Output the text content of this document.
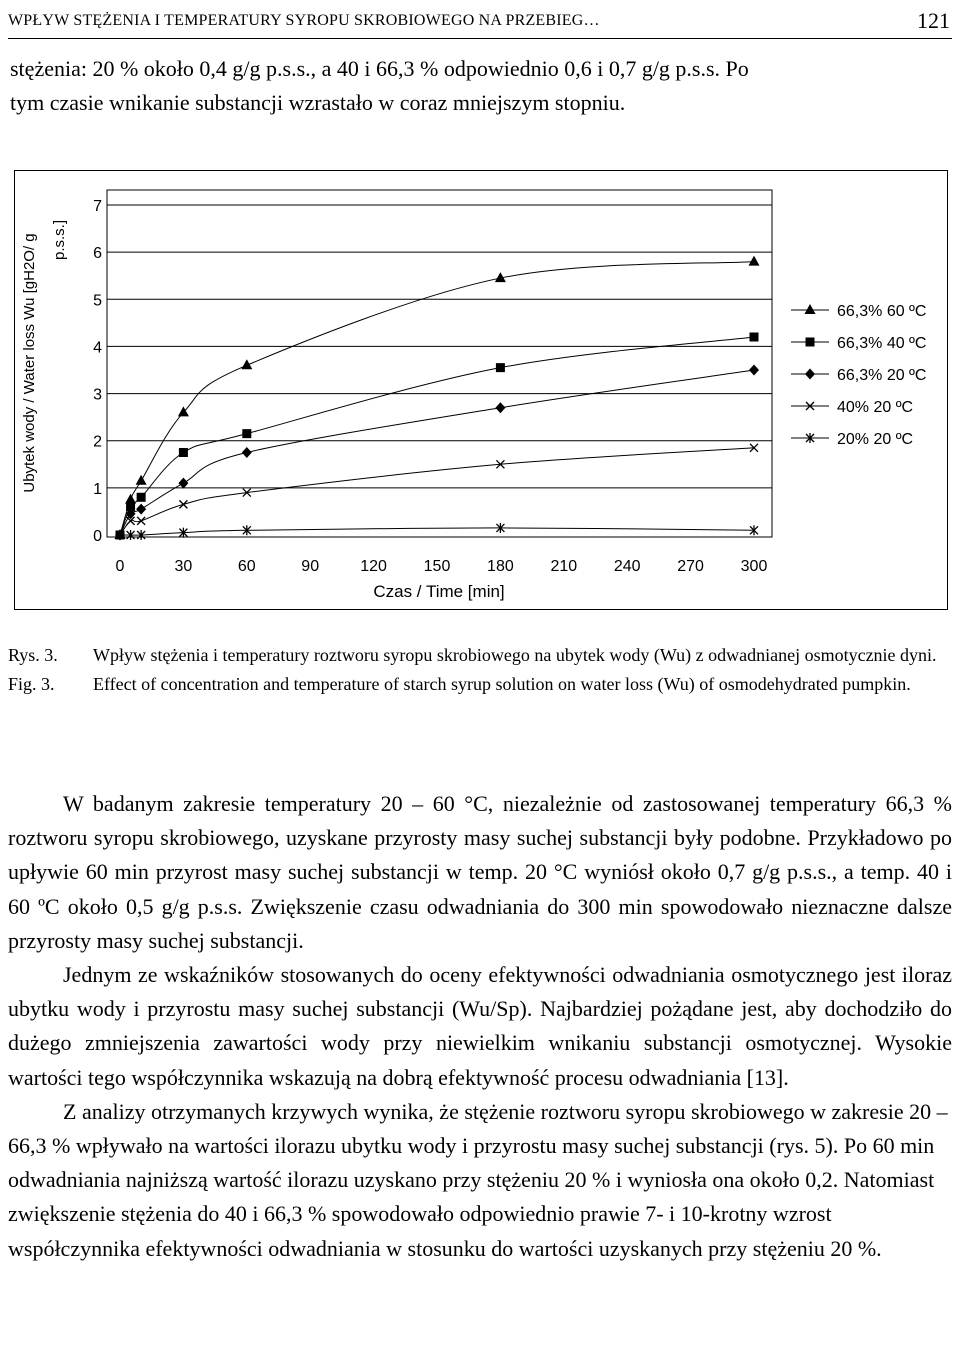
WPŁYW STĘŻENIA I TEMPERATURY SYROPU SKROBIOWEGO NA PRZEBIEG…	121

stężenia: 20 % około 0,4 g/g p.s.s., a 40 i 66,3 % odpowiednio 0,6 i 0,7 g/g p.s.s. Po

tym czasie wnikanie substancji wzrastało w coraz mniejszym stopniu.

0
1
2
3
4
5
6
7
0	30	60	90	120 150 180 210 240 270 300
Czas / Time [min]
Ubytek wody / Water loss Wu [gH2O/ g p.s.s.]
66,3% 60 ºC
66,3% 40 ºC
66,3% 20 ºC
40% 20 ºC
20% 20 ºC
Rys. 3. Wpływ stężenia i temperatury roztworu syropu skrobiowego na ubytek wody (Wu) z odwadnianej osmotycznie dyni.
Fig. 3. Effect of concentration and temperature of starch syrup solution on water loss (Wu) of osmodehydrated pumpkin.

W badanym zakresie temperatury 20 – 60 °C, niezależnie od zastosowanej temperatury 66,3 % roztworu syropu skrobiowego, uzyskane przyrosty masy suchej substancji były podobne. Przykładowo po upływie 60 min przyrost masy suchej substancji w temp. 20 °C wyniósł około 0,7 g/g p.s.s., a temp. 40 i 60 ºC około 0,5 g/g p.s.s. Zwiększenie czasu odwadniania do 300 min spowodowało nieznaczne dalsze przyrosty masy suchej substancji.

Jednym ze wskaźników stosowanych do oceny efektywności odwadniania osmotycznego jest iloraz ubytku wody i przyrostu masy suchej substancji (Wu/Sp). Najbardziej pożądane jest, aby dochodziło do dużego zmniejszenia zawartości wody przy niewielkim wnikaniu substancji osmotycznej. Wysokie wartości tego współczynnika wskazują na dobrą efektywność procesu odwadniania [13].

Z analizy otrzymanych krzywych wynika, że stężenie roztworu syropu skrobiowego w zakresie 20 – 66,3 % wpływało na wartości ilorazu ubytku wody i przyrostu masy suchej substancji (rys. 5). Po 60 min odwadniania najniższą wartość ilorazu uzyskano przy stężeniu 20 % i wyniosła ona około 0,2. Natomiast zwiększenie stężenia do 40 i 66,3 % spowodowało odpowiednio prawie 7- i 10-krotny wzrost współczynnika efektywności odwadniania w stosunku do wartości uzyskanych przy stężeniu 20 %.
